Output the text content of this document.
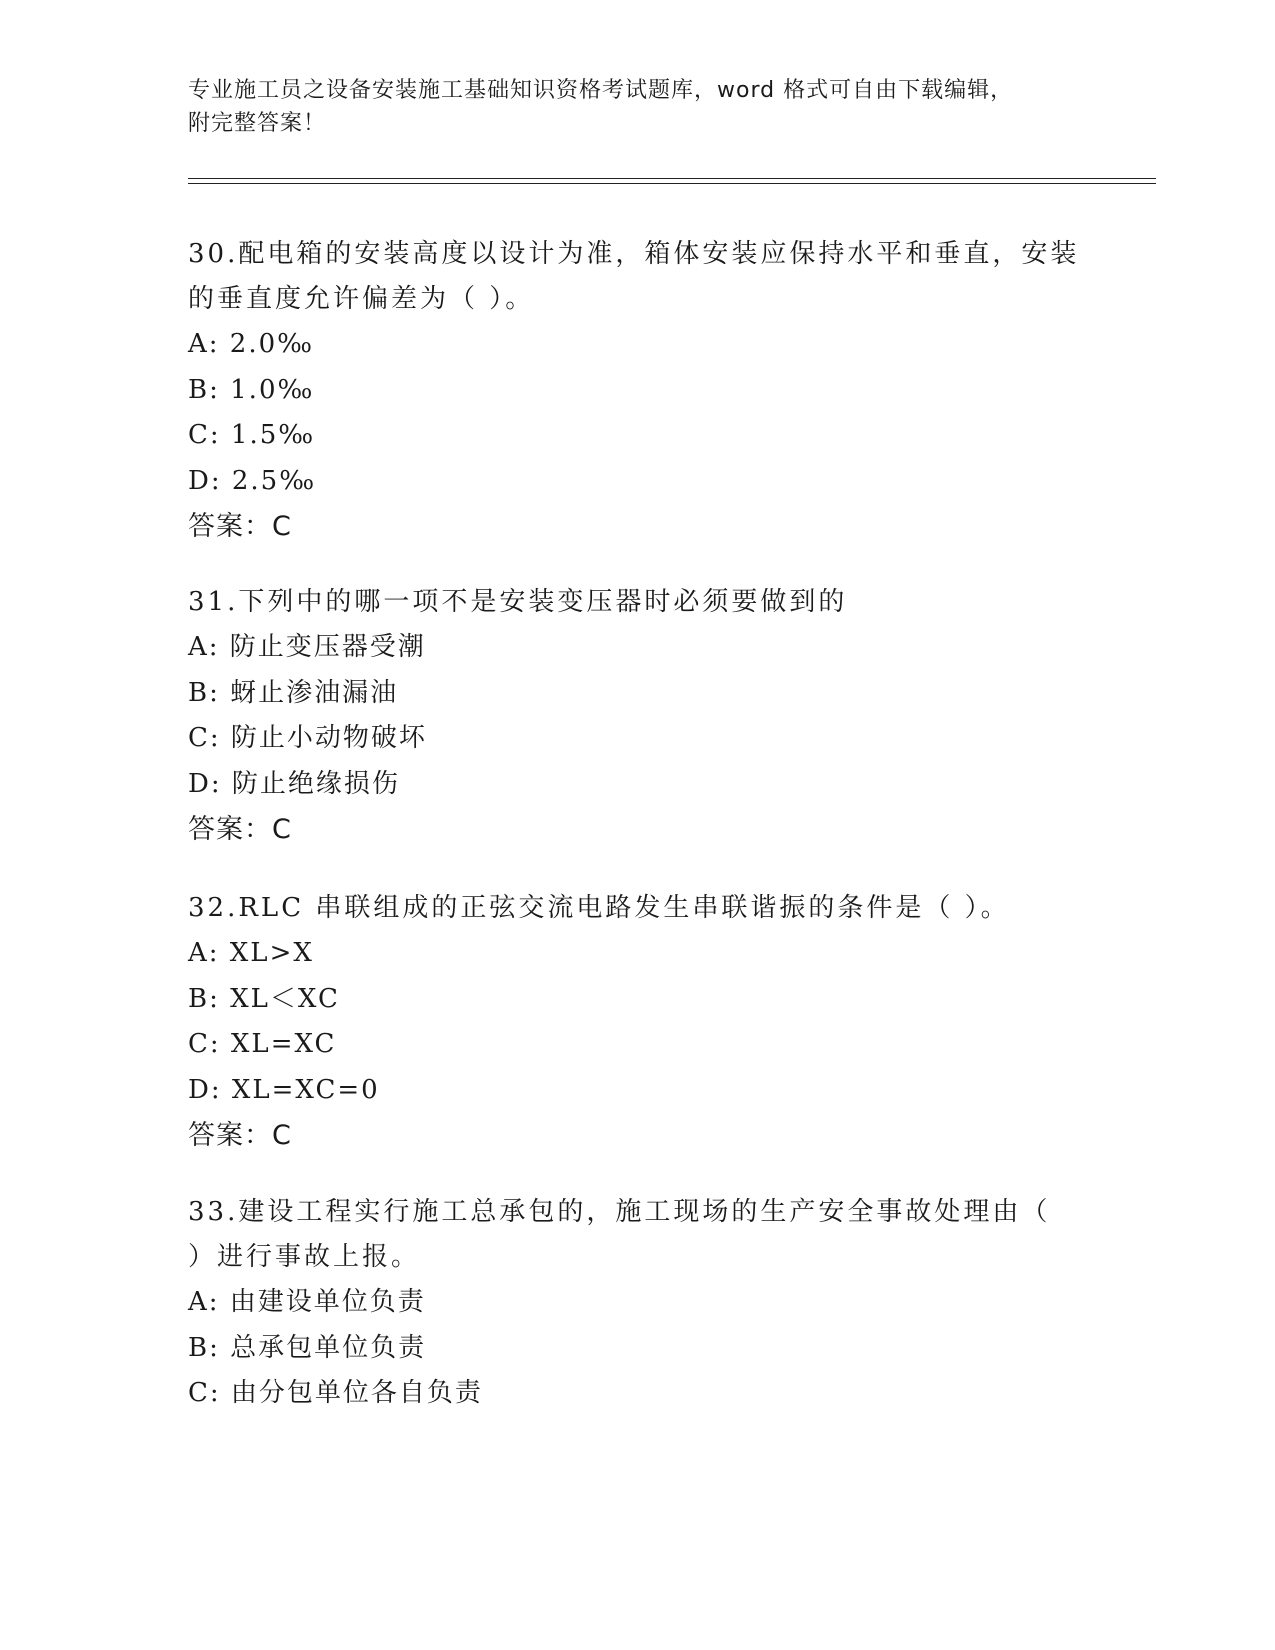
专业施工员之设备安装施工基础知识资格考试题库，word 格式可自由下载编辑，
附完整答案！

30.配电箱的安装高度以设计为准，箱体安装应保持水平和垂直，安装

的垂直度允许偏差为（ ）。

A: 2.0‰

B: 1.0‰

C: 1.5‰

D: 2.5‰

答案：C

31.下列中的哪一项不是安装变压器时必须要做到的

A: 防止变压器受潮

B: 蚜止渗油漏油

C: 防止小动物破坏

D: 防止绝缘损伤

答案：C

32.RLC 串联组成的正弦交流电路发生串联谐振的条件是（ ）。

A: XL>X

B: XL＜XC

C: XL=XC

D: XL=XC=0

答案：C

33.建设工程实行施工总承包的，施工现场的生产安全事故处理由（

）进行事故上报。

A: 由建设单位负责

B: 总承包单位负责

C: 由分包单位各自负责
